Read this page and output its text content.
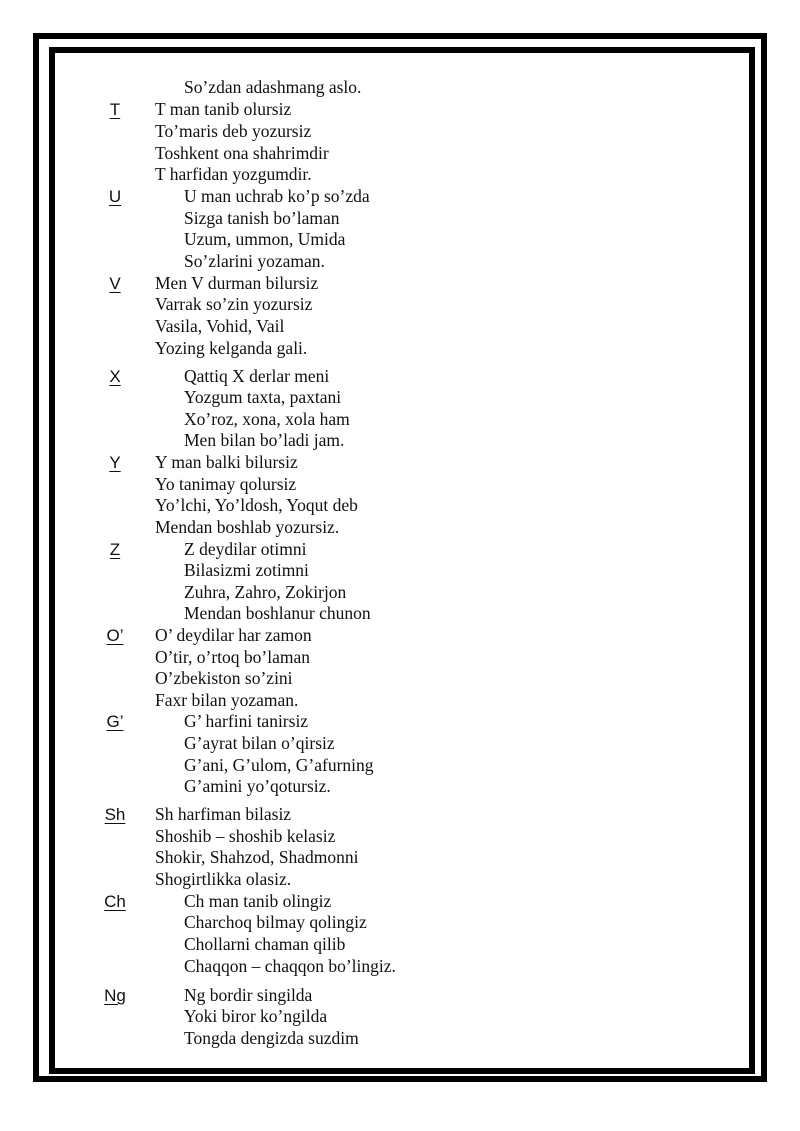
So’zdan adashmang aslo.
T	T man tanib olursiz
To’maris deb yozursiz
Toshkent ona shahrimdir
T harfidan yozgumdir.
U	U man uchrab ko’p so’zda
Sizga tanish bo’laman
Uzum, ummon, Umida
So’zlarini yozaman.
V	Men V durman bilursiz
Varrak so’zin yozursiz
Vasila, Vohid, Vail
Yozing kelganda gali.
X	Qattiq X derlar meni
Yozgum taxta, paxtani
Xo’roz, xona, xola ham
Men bilan bo’ladi jam.
Y	Y man balki bilursiz
Yo tanimay qolursiz
Yo’lchi, Yo’ldosh, Yoqut deb
Mendan boshlab yozursiz.
Z	Z deydilar otimni
Bilasizmi zotimni
Zuhra, Zahro, Zokirjon
Mendan boshlanur chunon
O’	O’ deydilar har zamon
O’tir, o’rtoq bo’laman
O’zbekiston so’zini
Faxr bilan yozaman.
G’	G’ harfini tanirsiz
G’ayrat bilan o’qirsiz
G’ani, G’ulom, G’afurning
G’amini yo’qotursiz.
Sh	Sh harfiman bilasiz
Shoshib – shoshib kelasiz
Shokir, Shahzod, Shadmonni
Shogirtlikka olasiz.
Ch	Ch man tanib olingiz
Charchoq bilmay qolingiz
Chollarni chaman qilib
Chaqqon – chaqqon bo’lingiz.
Ng	Ng bordir singilda
Yoki biror ko’ngilda
Tongda dengizda suzdim
